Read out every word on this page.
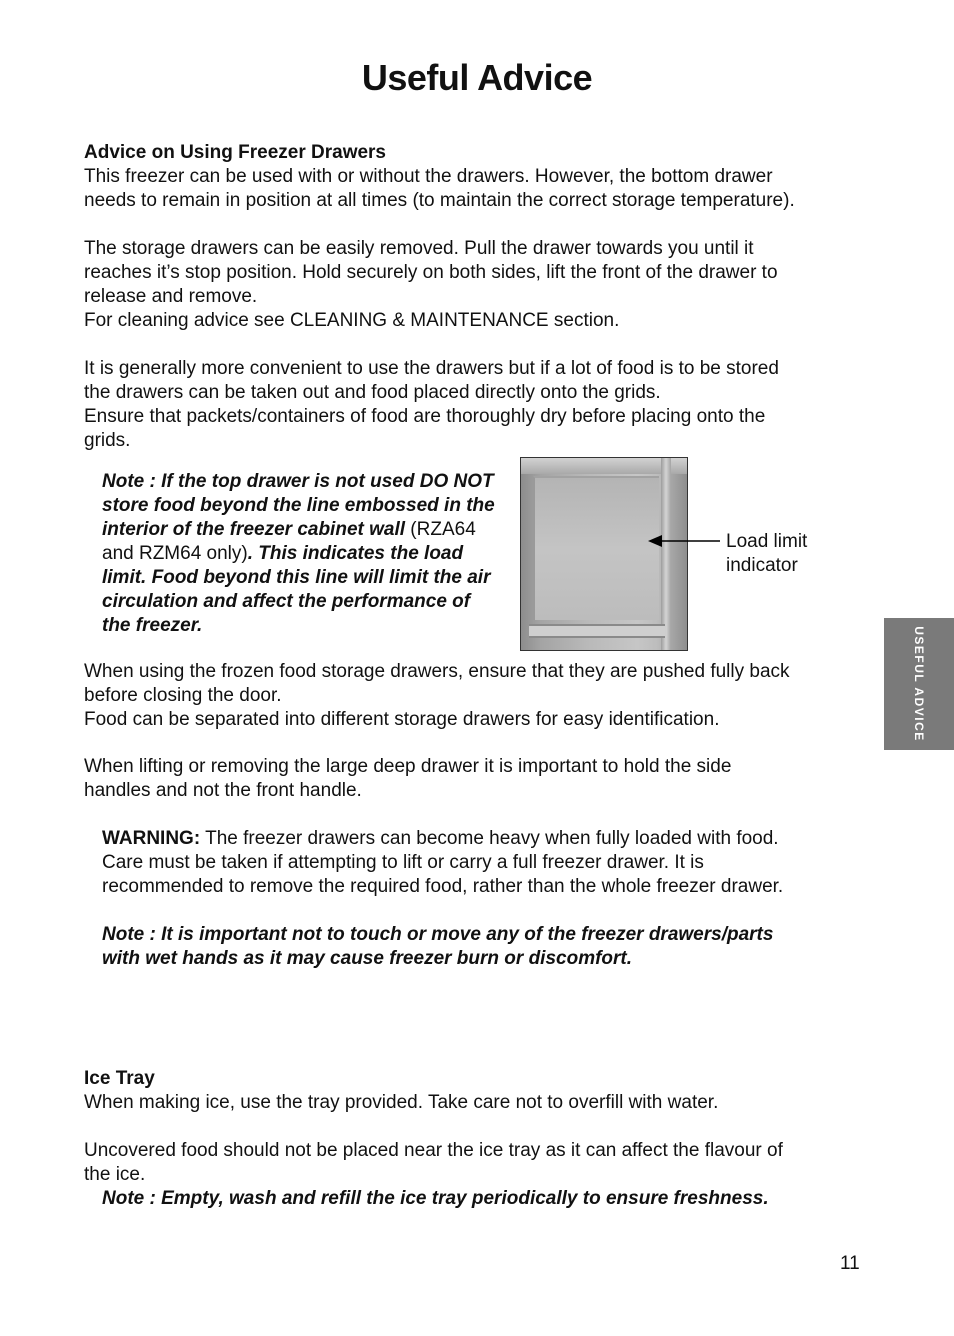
Useful Advice
Advice on Using Freezer Drawers
This freezer can be used with or without the drawers. However, the bottom drawer
needs to remain in position at all times (to maintain the correct storage temperature).
The storage drawers can be easily removed. Pull the drawer towards you until it
reaches it’s stop position. Hold securely on both sides, lift the front of the drawer to
release and remove.
For cleaning advice see CLEANING & MAINTENANCE section.
It is generally more convenient to use the drawers but if a lot of food is to be stored
the drawers can be taken out and food placed directly onto the grids.
Ensure that packets/containers of food are thoroughly dry before placing onto the
grids.
Note : If the top drawer is not used DO NOT
store food beyond the line embossed in the
interior of the freezer cabinet wall (RZA64
and RZM64 only). This indicates the load
limit. Food beyond this line will limit the air
circulation and affect the performance of
the freezer.
Load limit
indicator
When using the frozen food storage drawers, ensure that they are pushed fully back
before closing the door.
Food can be separated into different storage drawers for easy identification.
When lifting or removing the large deep drawer it is important to hold the side
handles and not the front handle.
WARNING: The freezer drawers can become heavy when fully loaded with food.
Care must be taken if attempting to lift or carry a full freezer drawer. It is
recommended to remove the required food, rather than the whole freezer drawer.
Note : It is important not to touch or move any of the freezer drawers/parts
with wet hands as it may cause freezer burn or discomfort.
Ice Tray
When making ice, use the tray provided. Take care not to overfill with water.
Uncovered food should not be placed near the ice tray as it can affect the flavour of
the ice.
Note : Empty, wash and refill the ice tray periodically to ensure freshness.
USEFUL ADVICE
11
